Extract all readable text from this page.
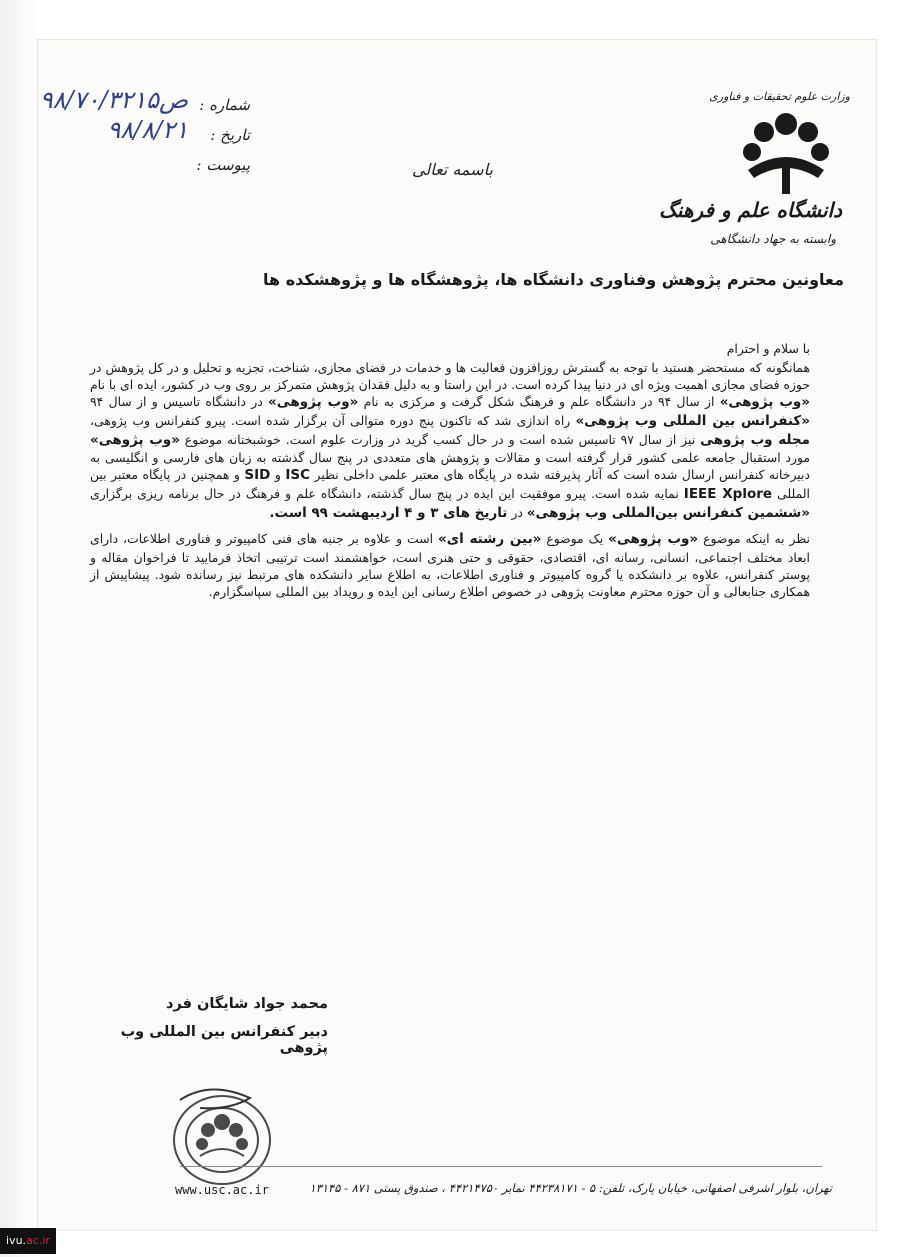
شماره :
ص۹۸/۷۰/۳۲۱۵
تاریخ :
۹۸/۸/۲۱
پیوست :	باسمه تعالی
وزارت علوم تحقیقات و فناوری
دانشگاه علم و فرهنگ
وابسته به جهاد دانشگاهی
معاونین محترم پژوهش وفناوری دانشگاه ها، پژوهشگاه ها و پژوهشکده ها

با سلام و احترام

همانگونه که مستحضر هستید با توجه به گسترش روزافزون فعالیت ها و خدمات در فضای مجازی، شناخت، تجزیه و تحلیل و در کل پژوهش در حوزه فضای مجازی اهمیت ویژه ای در دنیا پیدا کرده است. در این راستا و به دلیل فقدان پژوهش متمرکز بر روی وب در کشور، ایده ای با نام «وب پژوهی» از سال ۹۴ در دانشگاه علم و فرهنگ شکل گرفت و مرکزی به نام «وب پژوهی» در دانشگاه تاسیس و از سال ۹۴ «کنفرانس بین المللی وب پژوهی» راه اندازی شد که تاکنون پنج دوره متوالی آن برگزار شده است. پیرو کنفرانس وب پژوهی، مجله وب پژوهی نیز از سال ۹۷ تاسیس شده است و در حال کسب گرید در وزارت علوم است. خوشبختانه موضوع «وب پژوهی» مورد استقبال جامعه علمی کشور قرار گرفته است و مقالات و پژوهش های متعددی در پنج سال گذشته به زبان های فارسی و انگلیسی به دبیرخانه کنفرانس ارسال شده است که آثار پذیرفته شده در پایگاه های معتبر علمی داخلی نظیر ISC و SID و همچنین در پایگاه معتبر بین المللی IEEE Xplore نمایه شده است. پیرو موفقیت این ایده در پنج سال گذشته، دانشگاه علم و فرهنگ در حال برنامه ریزی برگزاری «ششمین کنفرانس بین‌المللی وب پژوهی» در تاریخ های ۳ و ۴ اردیبهشت ۹۹ است.

نظر به اینکه موضوع «وب پژوهی» یک موضوع «بین رشته ای» است و علاوه بر جنبه های فنی کامپیوتر و فناوری اطلاعات، دارای ابعاد مختلف اجتماعی، انسانی، رسانه ای، اقتصادی، حقوقی و حتی هنری است، خواهشمند است ترتیبی اتخاذ فرمایید تا فراخوان مقاله و پوستر کنفرانس، علاوه بر دانشکده یا گروه کامپیوتر و فناوری اطلاعات، به اطلاع سایر دانشکده های مرتبط نیز رسانده شود. پیشاپیش از همکاری جنابعالی و آن حوزه محترم معاونت پژوهی در خصوص اطلاع رسانی این ایده و رویداد بین المللی سپاسگزارم.

محمد جواد شایگان فرد
دبیر کنفرانس بین المللی وب پژوهی
www.usc.ac.ir	تهران، بلوار اشرفی اصفهانی، خیابان پارک، تلفن: ۵ - ۴۴۲۳۸۱۷۱ نمابر ۴۴۲۱۴۷۵۰ ، صندوق پستی ۸۷۱ - ۱۳۱۴۵
ivu.ac.ir
